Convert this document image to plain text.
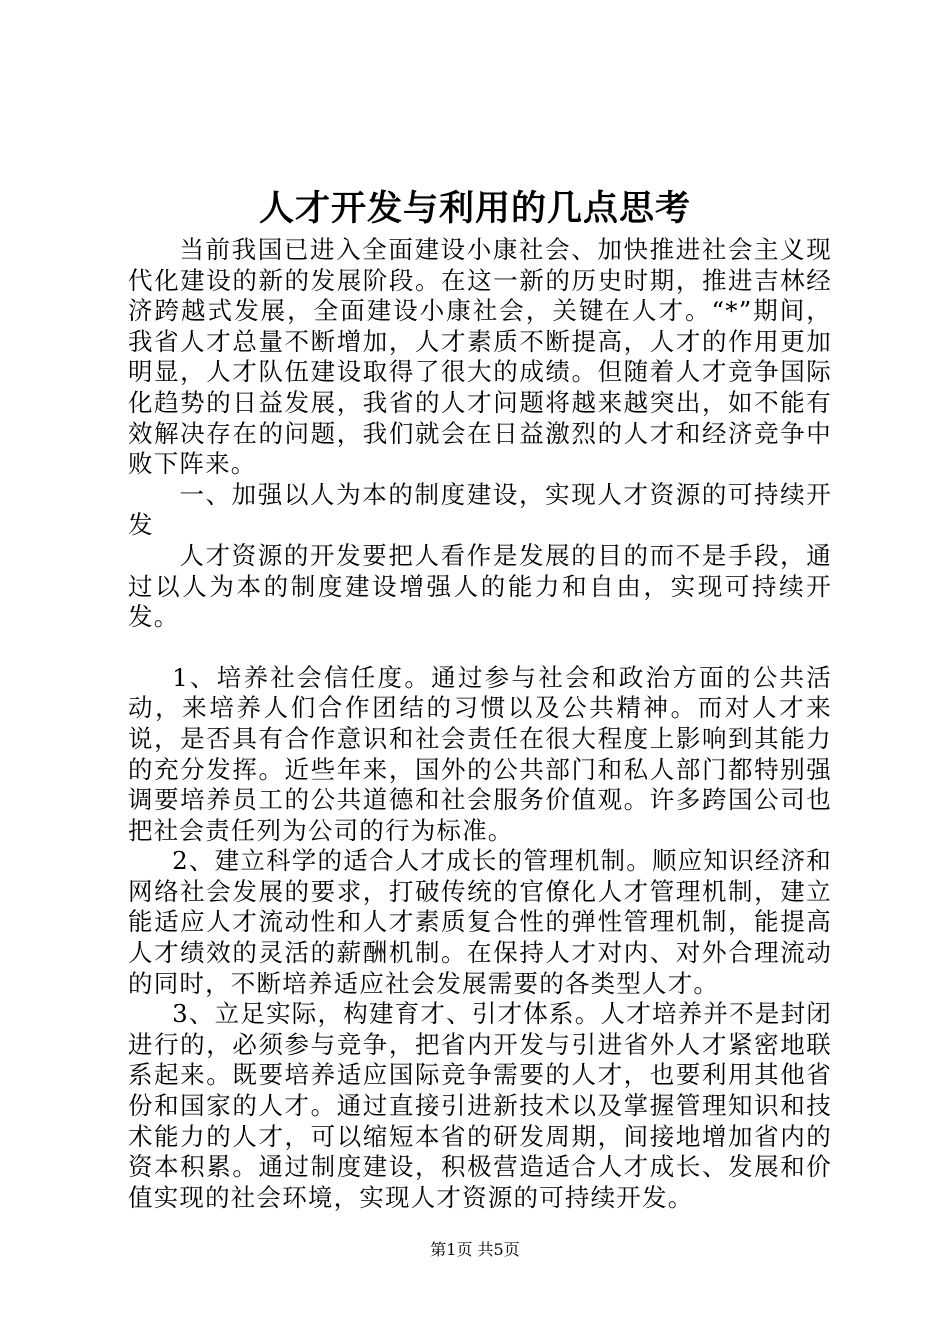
人才开发与利用的几点思考

当前我国已进入全面建设小康社会、加快推进社会主义现代化建设的新的发展阶段。在这一新的历史时期，推进吉林经济跨越式发展，全面建设小康社会，关键在人才。“*”期间，我省人才总量不断增加，人才素质不断提高，人才的作用更加明显，人才队伍建设取得了很大的成绩。但随着人才竞争国际化趋势的日益发展，我省的人才问题将越来越突出，如不能有效解决存在的问题，我们就会在日益激烈的人才和经济竞争中败下阵来。

一、加强以人为本的制度建设，实现人才资源的可持续开发

人才资源的开发要把人看作是发展的目的而不是手段，通过以人为本的制度建设增强人的能力和自由，实现可持续开发。

1、培养社会信任度。通过参与社会和政治方面的公共活动，来培养人们合作团结的习惯以及公共精神。而对人才来说，是否具有合作意识和社会责任在很大程度上影响到其能力的充分发挥。近些年来，国外的公共部门和私人部门都特别强调要培养员工的公共道德和社会服务价值观。许多跨国公司也把社会责任列为公司的行为标准。

2、建立科学的适合人才成长的管理机制。顺应知识经济和网络社会发展的要求，打破传统的官僚化人才管理机制，建立能适应人才流动性和人才素质复合性的弹性管理机制，能提高人才绩效的灵活的薪酬机制。在保持人才对内、对外合理流动的同时，不断培养适应社会发展需要的各类型人才。

3、立足实际，构建育才、引才体系。人才培养并不是封闭进行的，必须参与竞争，把省内开发与引进省外人才紧密地联系起来。既要培养适应国际竞争需要的人才，也要利用其他省份和国家的人才。通过直接引进新技术以及掌握管理知识和技术能力的人才，可以缩短本省的研发周期，间接地增加省内的资本积累。通过制度建设，积极营造适合人才成长、发展和价值实现的社会环境，实现人才资源的可持续开发。

第1页 共5页
